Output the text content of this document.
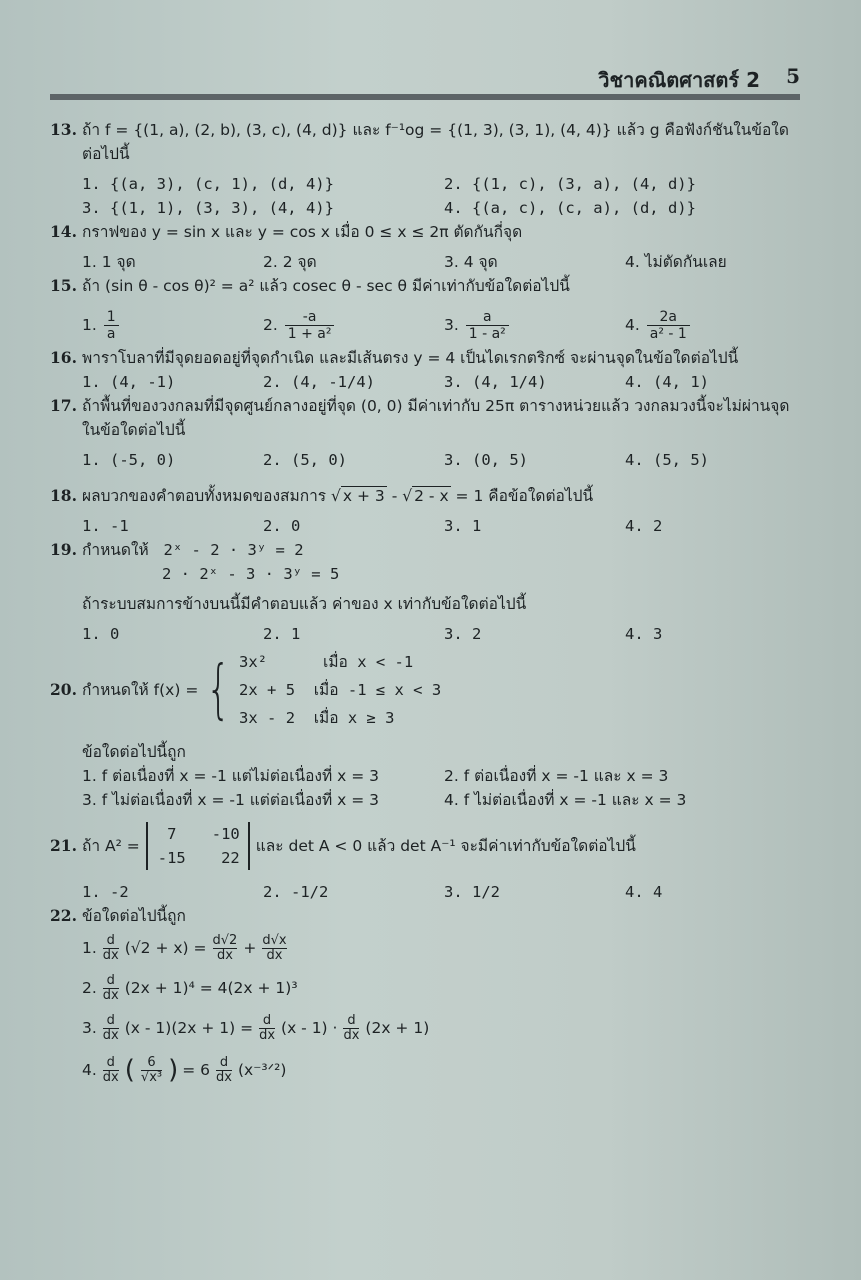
วิชาคณิตศาสตร์ 2 5
13. ถ้า f = {(1, a), (2, b), (3, c), (4, d)} และ f⁻¹og = {(1, 3), (3, 1), (4, 4)} แล้ว g คือฟังก์ชันในข้อใด
ต่อไปนี้
1. {(a, 3), (c, 1), (d, 4)}	2. {(1, c), (3, a), (4, d)}
3. {(1, 1), (3, 3), (4, 4)}	4. {(a, c), (c, a), (d, d)}
14. กราฟของ y = sin x และ y = cos x เมื่อ 0 ≤ x ≤ 2π ตัดกันกี่จุด
1. 1 จุด	2. 2 จุด	3. 4 จุด	4. ไม่ตัดกันเลย
15. ถ้า (sin θ - cos θ)² = a² แล้ว cosec θ - sec θ มีค่าเท่ากับข้อใดต่อไปนี้
1. $\frac{1}{a}$	2. $\frac{-a}{\text{1 + a²}}$	3. $\frac{a}{\text{1 - a²}}$	4. $\frac{2a}{\text{a² - 1}}$
16. พาราโบลาที่มีจุดยอดอยู่ที่จุดกำเนิด และมีเส้นตรง y = 4 เป็นไดเรกตริกซ์ จะผ่านจุดในข้อใดต่อไปนี้
1. (4, -1)	2. (4, -1/4)	3. (4, 1/4)	4. (4, 1)
17. ถ้าพื้นที่ของวงกลมที่มีจุดศูนย์กลางอยู่ที่จุด (0, 0) มีค่าเท่ากับ 25π ตารางหน่วยแล้ว วงกลมวงนี้จะไม่ผ่านจุด
ในข้อใดต่อไปนี้
1. (-5, 0)	2. (5, 0)	3. (0, 5)	4. (5, 5)
18. ผลบวกของคำตอบทั้งหมดของสมการ √ x + 3 - √ 2 - x = 1 คือข้อใดต่อไปนี้
1. -1	2. 0	3. 1	4. 2
19. กำหนดให้ 2ˣ - 2 · 3ʸ = 2
2 · 2ˣ - 3 · 3ʸ = 5
ถ้าระบบสมการข้างบนนี้มีคำตอบแล้ว ค่าของ x เท่ากับข้อใดต่อไปนี้
1. 0	2. 1	3. 2	4. 3
20. กำหนดให้ f(x) = { 3x²      เมื่อ x < -1
2x + 5  เมื่อ -1 ≤ x < 3
3x - 2  เมื่อ x ≥ 3
ข้อใดต่อไปนี้ถูก
1. f ต่อเนื่องที่ x = -1 แต่ไม่ต่อเนื่องที่ x = 3	2. f ต่อเนื่องที่ x = -1 และ x = 3
3. f ไม่ต่อเนื่องที่ x = -1 แต่ต่อเนื่องที่ x = 3	4. f ไม่ต่อเนื่องที่ x = -1 และ x = 3
21. ถ้า A² =
7	-10
-15	22
และ det A < 0 แล้ว det A⁻¹ จะมีค่าเท่ากับข้อใดต่อไปนี้
1. -2	2. -1/2	3. 1/2	4. 4
22. ข้อใดต่อไปนี้ถูก
1. d
dx $(√2 + x) = \frac{d√2}{dx} + \frac{d√x}{dx}$
2. d
dx (2x + 1)⁴ = 4(2x + 1)³
3. d
dx $(x - 1)(2x + 1) = \frac{d}{dx} (x - 1) \cdot d$
dx (2x + 1)
4. d
dx ( $\frac{6}{\text{√x³}}$ ) = 6 d
dx (x⁻³ᐟ²)
